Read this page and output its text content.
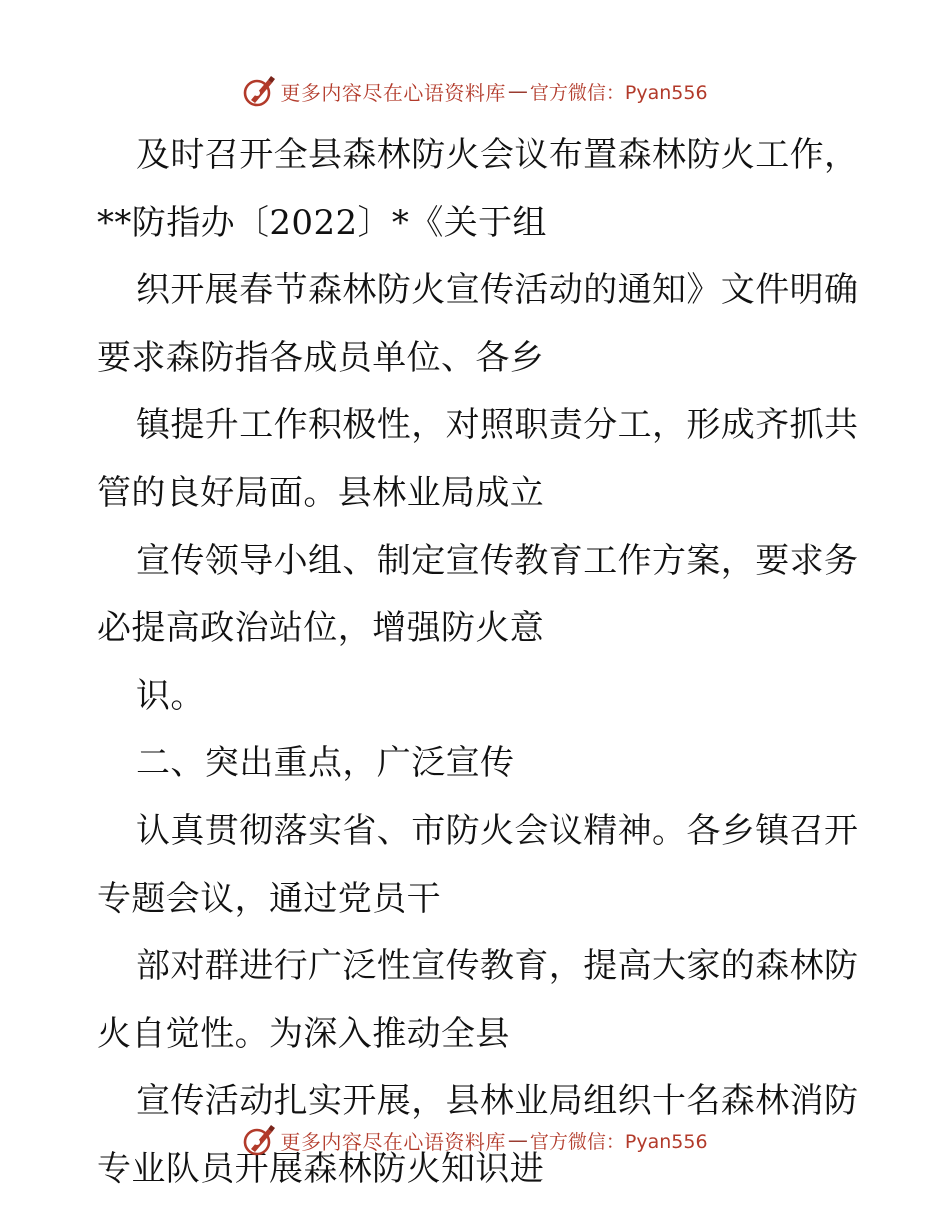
更多内容尽在心语资料库 — 官方微信：Pyan556
及时召开全县森林防火会议布置森林防火工作，
**防指办〔2022〕*《关于组
织开展春节森林防火宣传活动的通知》文件明确
要求森防指各成员单位、各乡
镇提升工作积极性，对照职责分工，形成齐抓共
管的良好局面。县林业局成立
宣传领导小组、制定宣传教育工作方案，要求务
必提高政治站位，增强防火意
识。
二、突出重点，广泛宣传
认真贯彻落实省、市防火会议精神。各乡镇召开
专题会议，通过党员干
部对群进行广泛性宣传教育，提高大家的森林防
火自觉性。为深入推动全县
宣传活动扎实开展，县林业局组织十名森林消防
专业队员开展森林防火知识进
更多内容尽在心语资料库 — 官方微信：Pyan556
